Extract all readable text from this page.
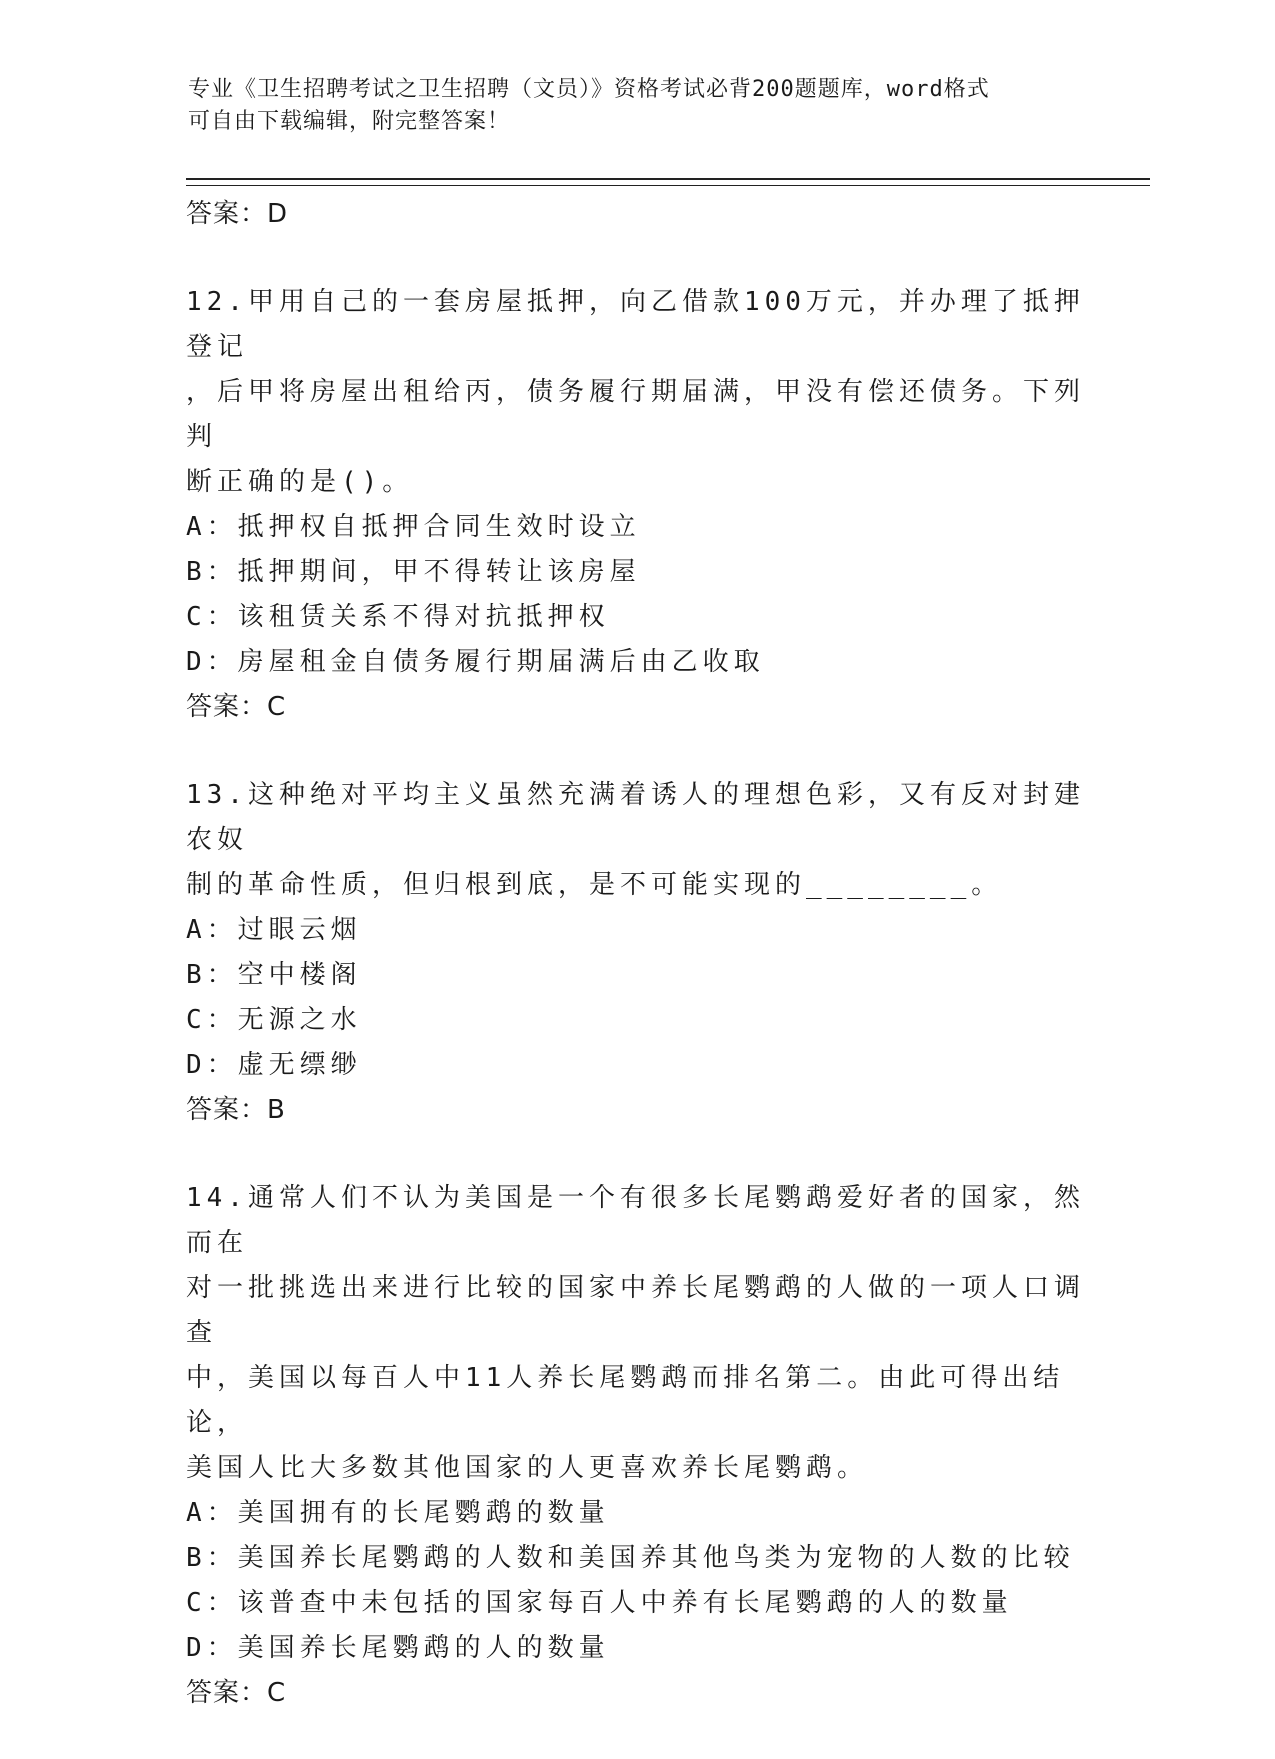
专业《卫生招聘考试之卫生招聘（文员）》资格考试必背200题题库，word格式
可自由下载编辑，附完整答案！
答案：D
12.甲用自己的一套房屋抵押，向乙借款100万元，并办理了抵押登记
，后甲将房屋出租给丙，债务履行期届满，甲没有偿还债务。下列判
断正确的是()。
A：抵押权自抵押合同生效时设立
B：抵押期间，甲不得转让该房屋
C：该租赁关系不得对抗抵押权
D：房屋租金自债务履行期届满后由乙收取
答案：C
13.这种绝对平均主义虽然充满着诱人的理想色彩，又有反对封建农奴
制的革命性质，但归根到底，是不可能实现的________。
A：过眼云烟
B：空中楼阁
C：无源之水
D：虚无缥缈
答案：B
14.通常人们不认为美国是一个有很多长尾鹦鹉爱好者的国家，然而在
对一批挑选出来进行比较的国家中养长尾鹦鹉的人做的一项人口调查
中，美国以每百人中11人养长尾鹦鹉而排名第二。由此可得出结论，
美国人比大多数其他国家的人更喜欢养长尾鹦鹉。
A：美国拥有的长尾鹦鹉的数量
B：美国养长尾鹦鹉的人数和美国养其他鸟类为宠物的人数的比较
C：该普查中未包括的国家每百人中养有长尾鹦鹉的人的数量
D：美国养长尾鹦鹉的人的数量
答案：C
